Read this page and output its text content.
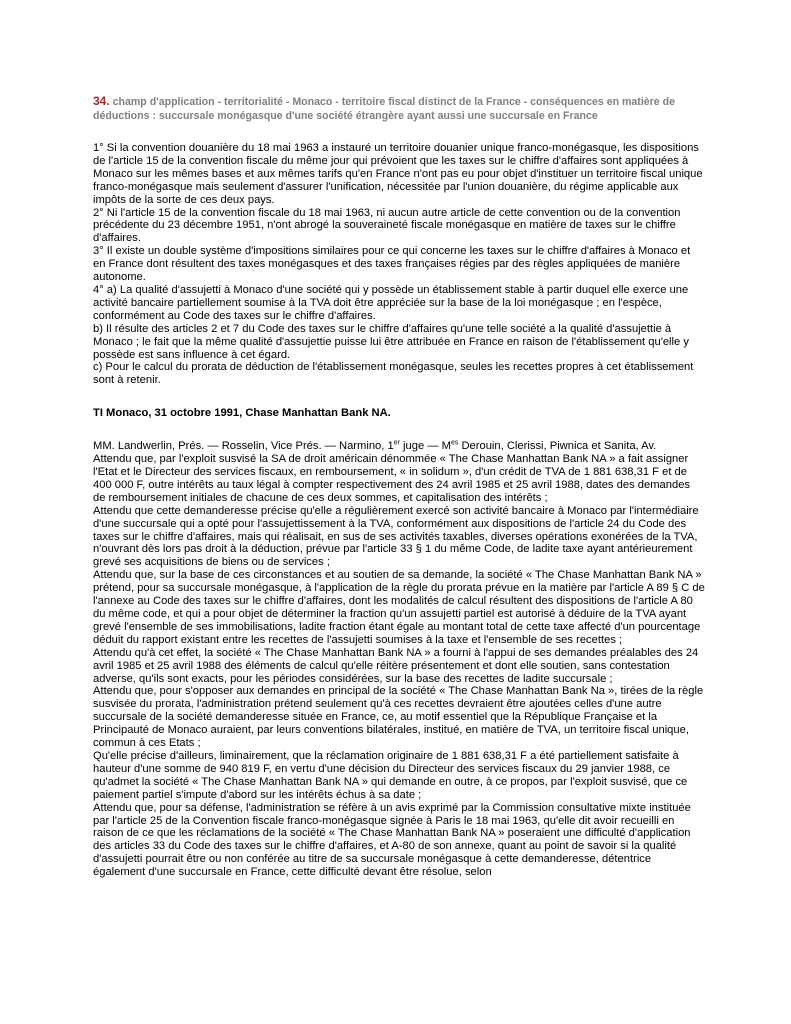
34. champ d'application - territorialité - Monaco - territoire fiscal distinct de la France - conséquences en matière de déductions : succursale monégasque d'une société étrangère ayant aussi une succursale en France

1° Si la convention douanière du 18 mai 1963 a instauré un territoire douanier unique franco-monégasque, les dispositions de l'article 15 de la convention fiscale du même jour qui prévoient que les taxes sur le chiffre d'affaires sont appliquées à Monaco sur les mêmes bases et aux mêmes tarifs qu'en France n'ont pas eu pour objet d'instituer un territoire fiscal unique franco-monégasque mais seulement d'assurer l'unification, nécessitée par l'union douanière, du régime applicable aux impôts de la sorte de ces deux pays.
2° Ni l'article 15 de la convention fiscale du 18 mai 1963, ni aucun autre article de cette convention ou de la convention précédente du 23 décembre 1951, n'ont abrogé la souveraineté fiscale monégasque en matière de taxes sur le chiffre d'affaires.
3° Il existe un double système d'impositions similaires pour ce qui concerne les taxes sur le chiffre d'affaires à Monaco et en France dont résultent des taxes monégasques et des taxes françaises régies par des règles appliquées de manière autonome.
4° a) La qualité d'assujetti à Monaco d'une société qui y possède un établissement stable à partir duquel elle exerce une activité bancaire partiellement soumise à la TVA doit être appréciée sur la base de la loi monégasque ; en l'espèce, conformément au Code des taxes sur le chiffre d'affaires.
b) Il résulte des articles 2 et 7 du Code des taxes sur le chiffre d'affaires qu'une telle société a la qualité d'assujettie à Monaco ; le fait que la même qualité d'assujettie puisse lui être attribuée en France en raison de l'établissement qu'elle y possède est sans influence à cet égard.
c) Pour le calcul du prorata de déduction de l'établissement monégasque, seules les recettes propres à cet établissement sont à retenir.

TI Monaco, 31 octobre 1991, Chase Manhattan Bank NA.

MM. Landwerlin, Prés. — Rosselin, Vice Prés. — Narmino, 1er juge — $M^{es}$ Derouin, Clerissi, Piwnica et Sanita, Av.
Attendu que, par l'exploit susvisé la SA de droit américain dénommée « The Chase Manhattan Bank NA » a fait assigner l'Etat et le Directeur des services fiscaux, en remboursement, « in solidum », d'un crédit de TVA de 1 881 638,31 F et de 400 000 F, outre intérêts au taux légal à compter respectivement des 24 avril 1985 et 25 avril 1988, dates des demandes de remboursement initiales de chacune de ces deux sommes, et capitalisation des intérêts ;
Attendu que cette demanderesse précise qu'elle a régulièrement exercé son activité bancaire à Monaco par l'intermédiaire d'une succursale qui a opté pour l'assujettissement à la TVA, conformément aux dispositions de l'article 24 du Code des taxes sur le chiffre d'affaires, mais qui réalisait, en sus de ses activités taxables, diverses opérations exonérées de la TVA, n'ouvrant dès lors pas droit à la déduction, prévue par l'article 33 § 1 du même Code, de ladite taxe ayant antérieurement grevé ses acquisitions de biens ou de services ;
Attendu que, sur la base de ces circonstances et au soutien de sa demande, la société « The Chase Manhattan Bank NA » prétend, pour sa succursale monégasque, à l'application de la règle du prorata prévue en la matière par l'article A 89 § C de l'annexe au Code des taxes sur le chiffre d'affaires, dont les modalités de calcul résultent des dispositions de l'article A 80 du même code, et qui a pour objet de déterminer la fraction qu'un assujetti partiel est autorisé à déduire de la TVA ayant grevé l'ensemble de ses immobilisations, ladite fraction étant égale au montant total de cette taxe affecté d'un pourcentage déduit du rapport existant entre les recettes de l'assujetti soumises à la taxe et l'ensemble de ses recettes ;
Attendu qu'à cet effet, la société « The Chase Manhattan Bank NA » a fourni à l'appui de ses demandes préalables des 24 avril 1985 et 25 avril 1988 des éléments de calcul qu'elle réitère présentement et dont elle soutien, sans contestation adverse, qu'ils sont exacts, pour les périodes considérées, sur la base des recettes de ladite succursale ;
Attendu que, pour s'opposer aux demandes en principal de la société « The Chase Manhattan Bank Na », tirées de la règle susvisée du prorata, l'administration prétend seulement qu'à ces recettes devraient être ajoutées celles d'une autre succursale de la société demanderesse située en France, ce, au motif essentiel que la République Française et la Principauté de Monaco auraient, par leurs conventions bilatérales, institué, en matière de TVA, un territoire fiscal unique, commun à ces Etats ;
Qu'elle précise d'ailleurs, liminairement, que la réclamation originaire de 1 881 638,31 F a été partiellement satisfaite à hauteur d'une somme de 940 819 F, en vertu d'une décision du Directeur des services fiscaux du 29 janvier 1988, ce qu'admet la société « The Chase Manhattan Bank NA » qui demande en outre, à ce propos, par l'exploit susvisé, que ce paiement partiel s'impute d'abord sur les intérêts échus à sa date ;
Attendu que, pour sa défense, l'administration se réfère à un avis exprimé par la Commission consultative mixte instituée par l'article 25 de la Convention fiscale franco-monégasque signée à Paris le 18 mai 1963, qu'elle dit avoir recueilli en raison de ce que les réclamations de la société « The Chase Manhattan Bank NA » poseraient une difficulté d'application des articles 33 du Code des taxes sur le chiffre d'affaires, et A-80 de son annexe, quant au point de savoir si la qualité d'assujetti pourrait être ou non conférée au titre de sa succursale monégasque à cette demanderesse, détentrice également d'une succursale en France, cette difficulté devant être résolue, selon
